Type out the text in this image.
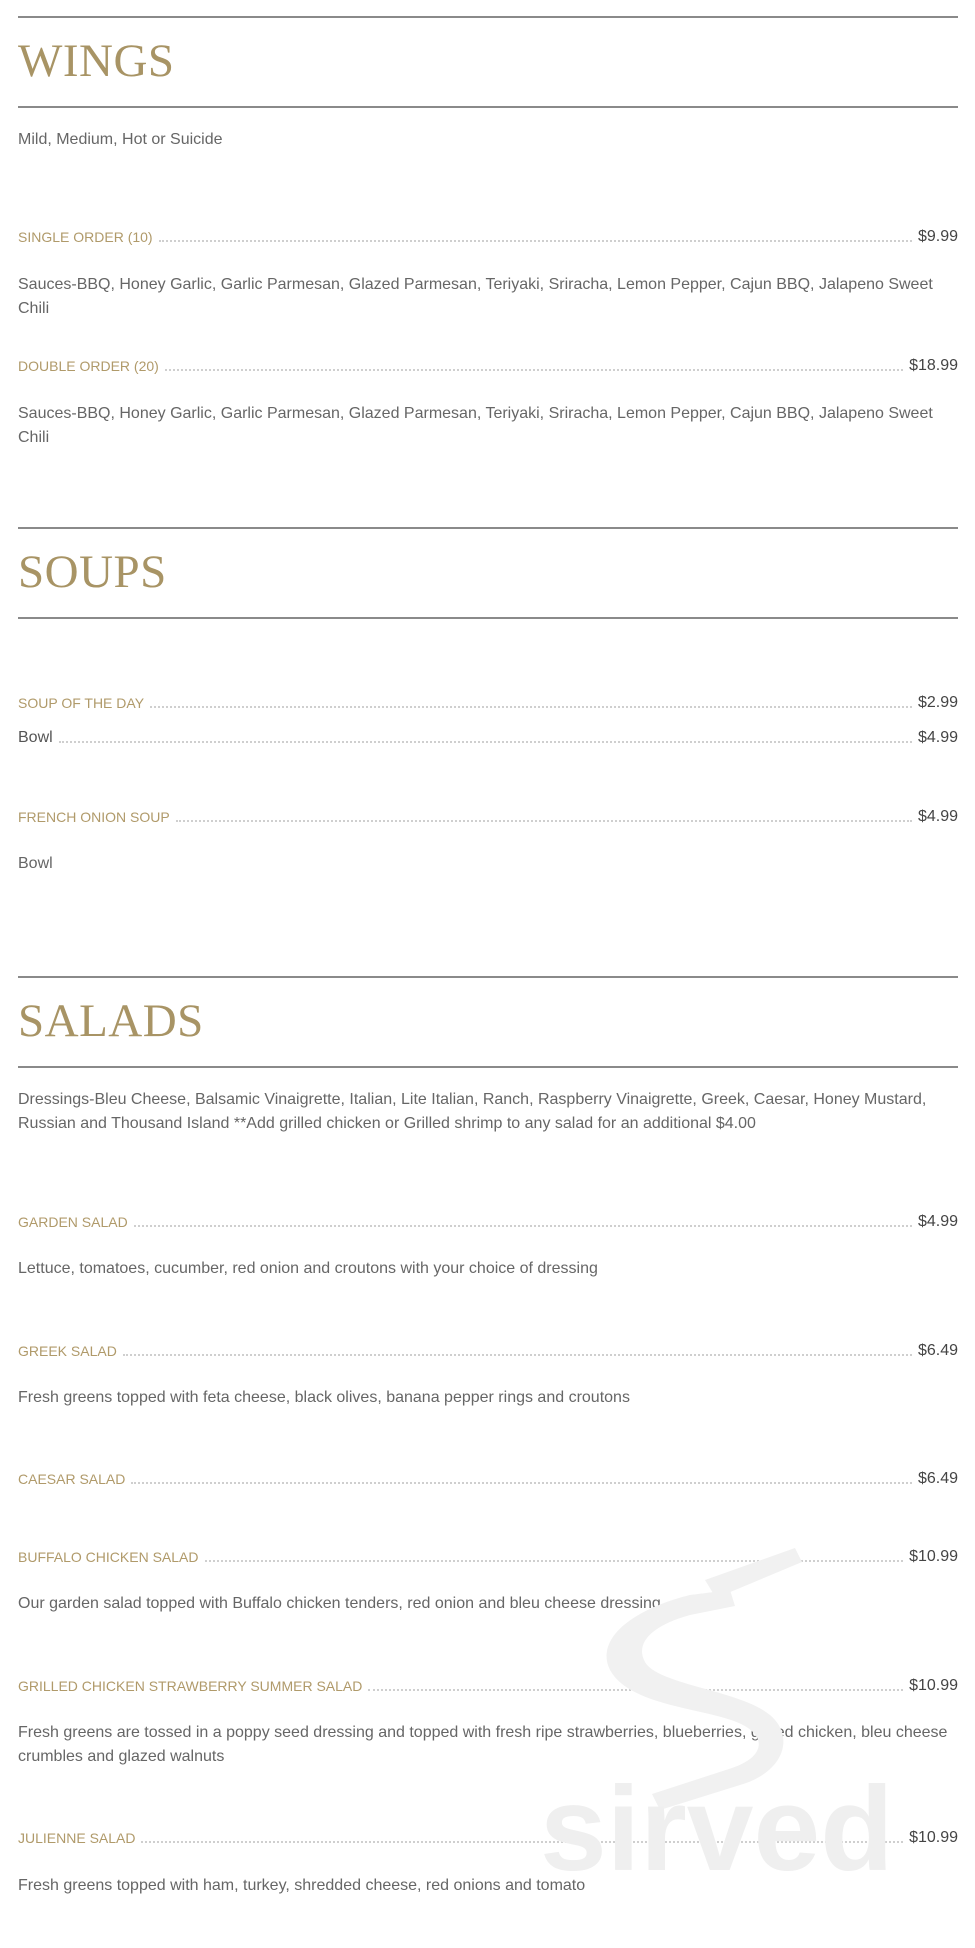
WINGS
Mild, Medium, Hot or Suicide
SINGLE ORDER (10)	$9.99
Sauces-BBQ, Honey Garlic, Garlic Parmesan, Glazed Parmesan, Teriyaki, Sriracha, Lemon Pepper, Cajun BBQ, Jalapeno Sweet Chili
DOUBLE ORDER (20)	$18.99
Sauces-BBQ, Honey Garlic, Garlic Parmesan, Glazed Parmesan, Teriyaki, Sriracha, Lemon Pepper, Cajun BBQ, Jalapeno Sweet Chili
SOUPS
SOUP OF THE DAY	$2.99
Bowl	$4.99
FRENCH ONION SOUP	$4.99
Bowl
SALADS
Dressings-Bleu Cheese, Balsamic Vinaigrette, Italian, Lite Italian, Ranch, Raspberry Vinaigrette, Greek, Caesar, Honey Mustard, Russian and Thousand Island **Add grilled chicken or Grilled shrimp to any salad for an additional $4.00
GARDEN SALAD	$4.99
Lettuce, tomatoes, cucumber, red onion and croutons with your choice of dressing
GREEK SALAD	$6.49
Fresh greens topped with feta cheese, black olives, banana pepper rings and croutons
CAESAR SALAD	$6.49
BUFFALO CHICKEN SALAD	$10.99
Our garden salad topped with Buffalo chicken tenders, red onion and bleu cheese dressing
GRILLED CHICKEN STRAWBERRY SUMMER SALAD	$10.99
Fresh greens are tossed in a poppy seed dressing and topped with fresh ripe strawberries, blueberries, grilled chicken, bleu cheese crumbles and glazed walnuts
JULIENNE SALAD	$10.99
Fresh greens topped with ham, turkey, shredded cheese, red onions and tomato
sirved
